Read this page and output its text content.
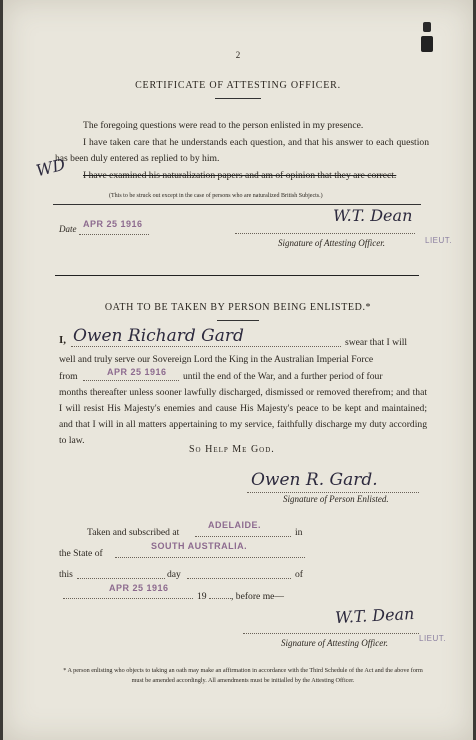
2
CERTIFICATE OF ATTESTING OFFICER.
The foregoing questions were read to the person enlisted in my presence.
I have taken care that he understands each question, and that his answer to each question has been duly entered as replied to by him.
I have examined his naturalization papers and am of opinion that they are correct.
(This to be struck out except in the case of persons who are naturalized British Subjects.)
WD
Date APR 25 1916	W.T. Dean
Signature of Attesting Officer.	LIEUT.
OATH TO BE TAKEN BY PERSON BEING ENLISTED.*
I, Owen Richard Gard	swear that I will
well and truly serve our Sovereign Lord the King in the Australian Imperial Force
from	APR 25 1916 until the end of the War, and a further period of four
months thereafter unless sooner lawfully discharged, dismissed or removed therefrom; and that I will resist His Majesty's enemies and cause His Majesty's peace to be kept and maintained; and that I will in all matters appertaining to my service, faithfully discharge my duty according to law.
So Help Me God.
Owen R. Gard.
Signature of Person Enlisted.
Taken and subscribed at
ADELAIDE.
in
the State of
SOUTH AUSTRALIA.
this	day	of
APR 25 1916
19	, before me—
W.T. Dean
Signature of Attesting Officer.	LIEUT.
* A person enlisting who objects to taking an oath may make an affirmation in accordance with the Third Schedule of the Act and the above form must be amended accordingly. All amendments must be initialled by the Attesting Officer.
